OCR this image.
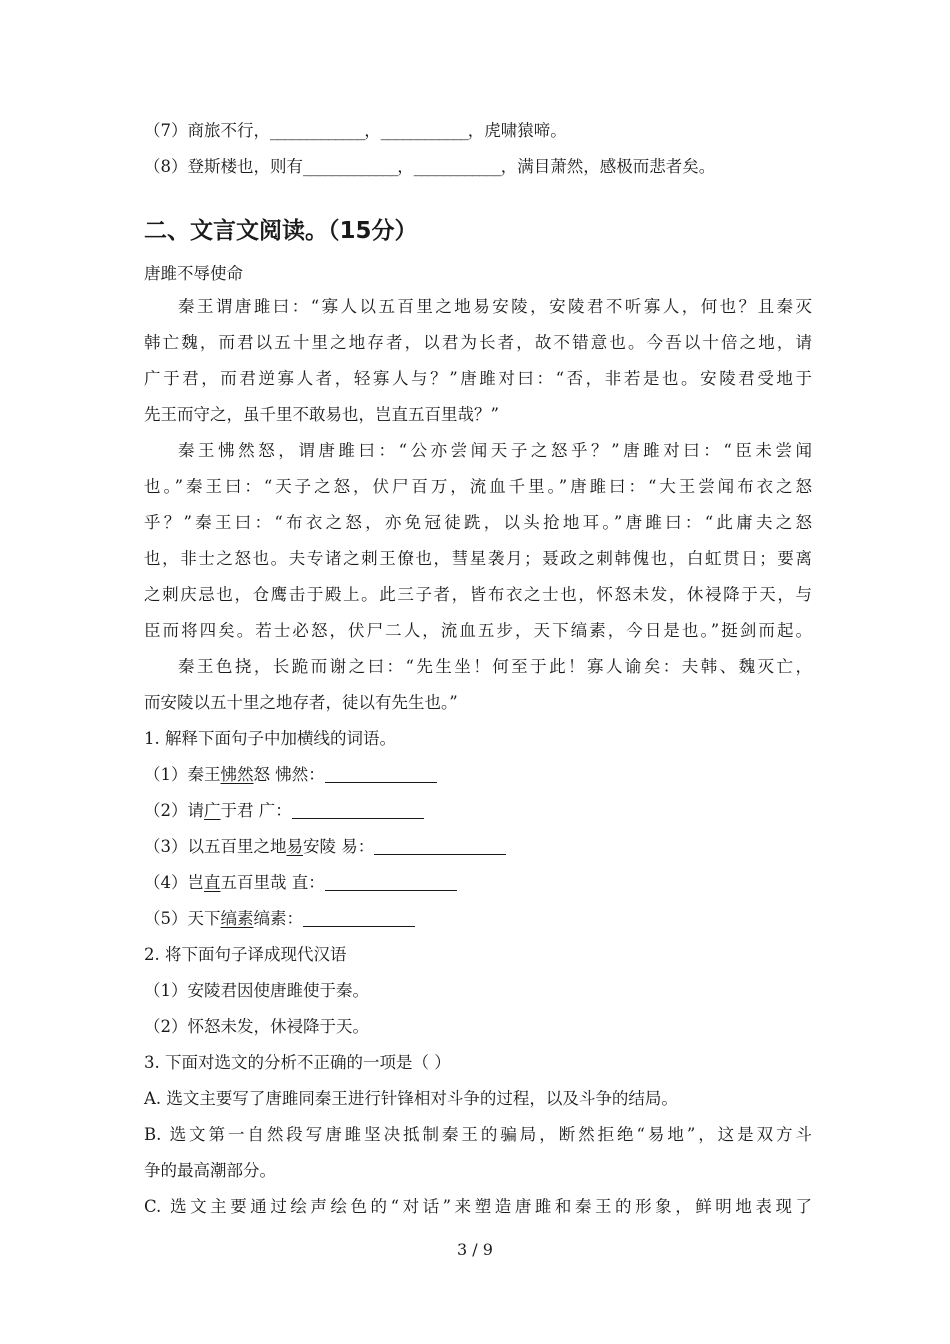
（7）商旅不行，_____________，____________，虎啸猿啼。
（8）登斯楼也，则有_____________，____________，满目萧然，感极而悲者矣。
二、文言文阅读。（15分）
唐雎不辱使命
秦王谓唐雎曰：“寡人以五百里之地易安陵，安陵君不听寡人，何也？且秦灭
韩亡魏，而君以五十里之地存者，以君为长者，故不错意也。今吾以十倍之地，请
广于君，而君逆寡人者，轻寡人与？”唐雎对曰：“否，非若是也。安陵君受地于
先王而守之，虽千里不敢易也，岂直五百里哉？”
秦王怫然怒，谓唐雎曰：“公亦尝闻天子之怒乎？”唐雎对曰：“臣未尝闻
也。”秦王曰：“天子之怒，伏尸百万，流血千里。”唐雎曰：“大王尝闻布衣之怒
乎？”秦王曰：“布衣之怒，亦免冠徒跣，以头抢地耳。”唐雎曰：“此庸夫之怒
也，非士之怒也。夫专诸之刺王僚也，彗星袭月；聂政之刺韩傀也，白虹贯日；要离
之刺庆忌也，仓鹰击于殿上。此三子者，皆布衣之士也，怀怒未发，休祲降于天，与
臣而将四矣。若士必怒，伏尸二人，流血五步，天下缟素，今日是也。”挺剑而起。
秦王色挠，长跪而谢之曰：“先生坐！何至于此！寡人谕矣：夫韩、魏灭亡，
而安陵以五十里之地存者，徒以有先生也。”
1. 解释下面句子中加横线的词语。
（1）秦王怫然怒 怫然：
（2）请广于君 广：
（3）以五百里之地易安陵 易：
（4）岂直五百里哉 直：
（5）天下缟素缟素：
2. 将下面句子译成现代汉语
（1）安陵君因使唐雎使于秦。
（2）怀怒未发，休祲降于天。
3. 下面对选文的分析不正确的一项是（ ）
A. 选文主要写了唐雎同秦王进行针锋相对斗争的过程，以及斗争的结局。
B. 选文第一自然段写唐雎坚决抵制秦王的骗局，断然拒绝“易地”，这是双方斗
争的最高潮部分。
C. 选文主要通过绘声绘色的“对话”来塑造唐雎和秦王的形象，鲜明地表现了
3 / 9
